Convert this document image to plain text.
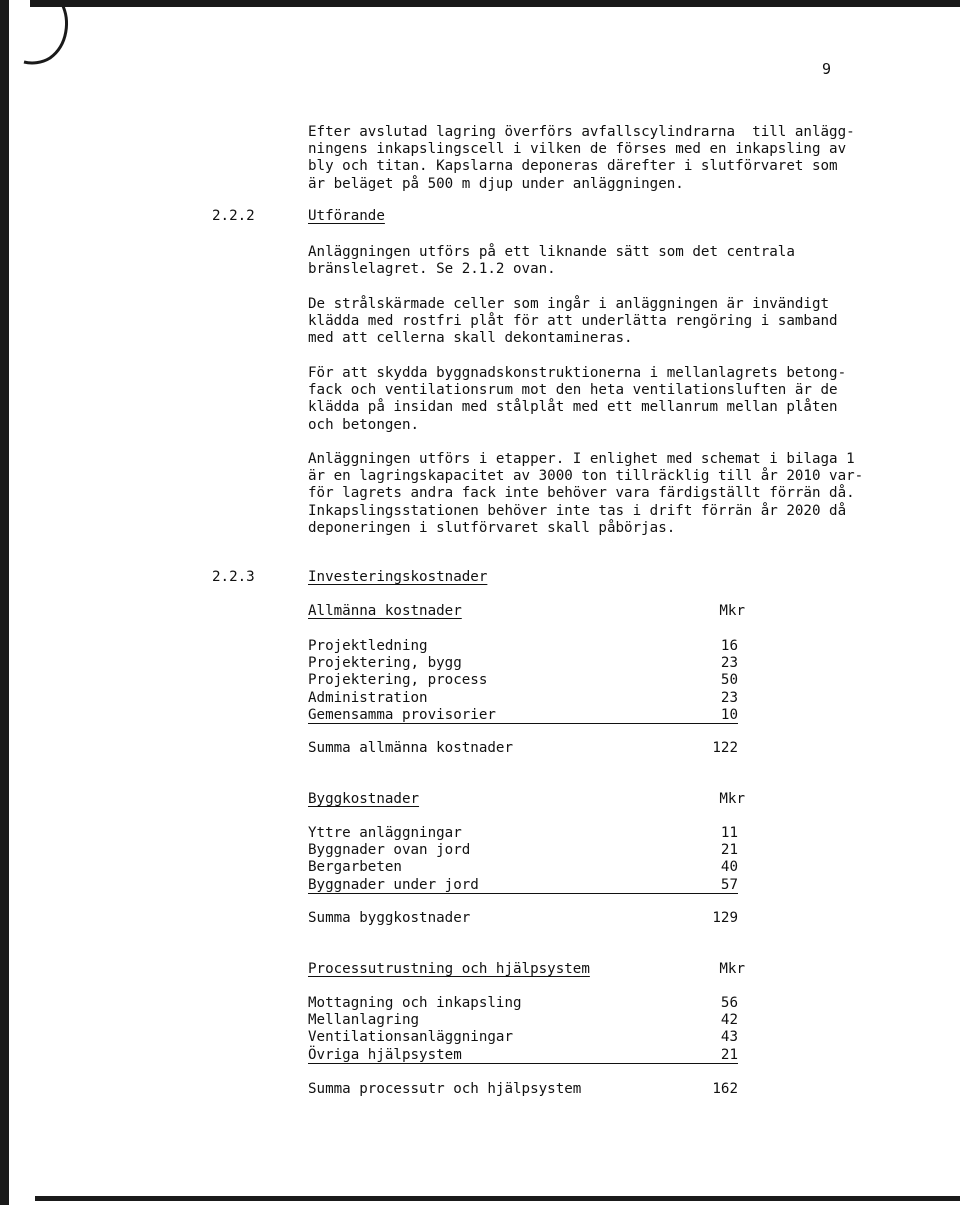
9

Efter avslutad lagring överförs avfallscylindrarna  till anlägg-
ningens inkapslingscell i vilken de förses med en inkapsling av
bly och titan. Kapslarna deponeras därefter i slutförvaret som
är beläget på 500 m djup under anläggningen.

2.2.2	Utförande

Anläggningen utförs på ett liknande sätt som det centrala
bränslelagret. Se 2.1.2 ovan.

De strålskärmade celler som ingår i anläggningen är invändigt
klädda med rostfri plåt för att underlätta rengöring i samband
med att cellerna skall dekontamineras.

För att skydda byggnadskonstruktionerna i mellanlagrets betong-
fack och ventilationsrum mot den heta ventilationsluften är de
klädda på insidan med stålplåt med ett mellanrum mellan plåten
och betongen.

Anläggningen utförs i etapper. I enlighet med schemat i bilaga 1
är en lagringskapacitet av 3000 ton tillräcklig till år 2010 var-
för lagrets andra fack inte behöver vara färdigställt förrän då.
Inkapslingsstationen behöver inte tas i drift förrän år 2020 då
deponeringen i slutförvaret skall påbörjas.

2.2.3	Investeringskostnader
Allmänna kostnader	Mkr
Projektledning	16
Projektering, bygg	23
Projektering, process	50
Administration	23
Gemensamma provisorier	10
Summa allmänna kostnader	122
Byggkostnader	Mkr
Yttre anläggningar	11
Byggnader ovan jord	21
Bergarbeten	40
Byggnader under jord	57
Summa byggkostnader	129
Processutrustning och hjälpsystem	Mkr
Mottagning och inkapsling	56
Mellanlagring	42
Ventilationsanläggningar	43
Övriga hjälpsystem	21
Summa processutr och hjälpsystem	162
